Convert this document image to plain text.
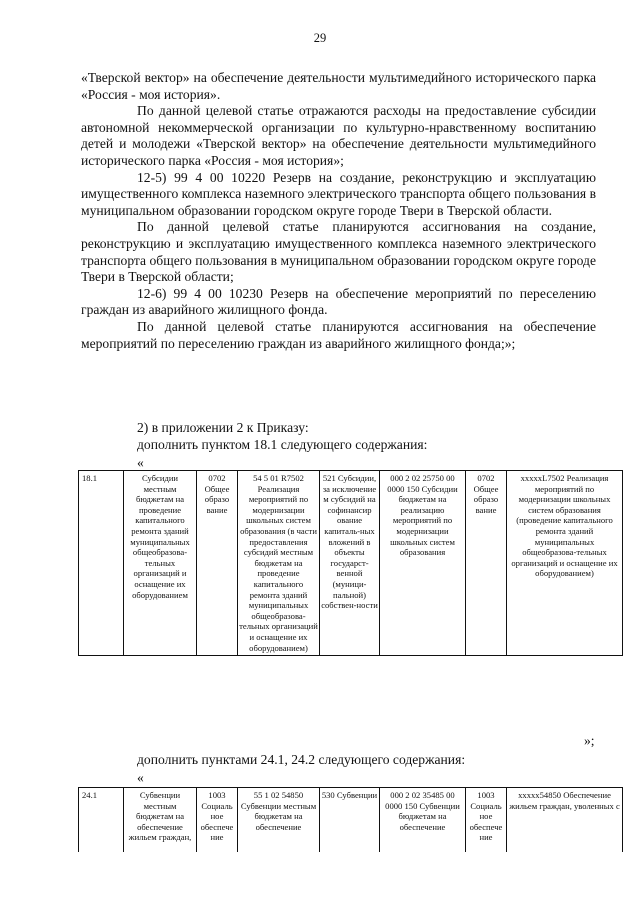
29

«Тверской вектор» на обеспечение деятельности мультимедийного исторического парка «Россия - моя история».

По данной целевой статье отражаются расходы на предоставление субсидии автономной некоммерческой организации по культурно-нравственному воспитанию детей и молодежи «Тверской вектор» на обеспечение деятельности мультимедийного исторического парка «Россия - моя история»;

12-5) 99 4 00 10220 Резерв на создание, реконструкцию и эксплуатацию имущественного комплекса наземного электрического транспорта общего пользования в муниципальном образовании городском округе городе Твери в Тверской области.

По данной целевой статье планируются ассигнования на создание, реконструкцию и эксплуатацию имущественного комплекса наземного электрического транспорта общего пользования в муниципальном образовании городском округе городе Твери в Тверской области;

12-6) 99 4 00 10230 Резерв на обеспечение мероприятий по переселению граждан из аварийного жилищного фонда.

По данной целевой статье планируются ассигнования на обеспечение мероприятий по переселению граждан из аварийного жилищного фонда;»;

2) в приложении 2 к Приказу:
дополнить пунктом 18.1 следующего содержания:
«
18.1	Субсидии местным бюджетам на проведение капитального ремонта зданий муниципальных общеобразова-тельных организаций и оснащение их оборудованием	0702 Общее образо вание	54 5 01 R7502 Реализация мероприятий по модернизации школьных систем образования (в части предоставления субсидий местным бюджетам на проведение капитального ремонта зданий муниципальных общеобразова-тельных организаций и оснащение их оборудованием)	521 Субсидии, за исключение м субсидий на софинансир ование капиталь-ных вложений в объекты государст-венной (муници-пальной) собствен-ности	000 2 02 25750 00 0000 150 Субсидии бюджетам на реализацию мероприятий по модернизации школьных систем образования	0702 Общее образо вание	xxxxxL7502 Реализация мероприятий по модернизации школьных систем образования (проведение капитального ремонта зданий муниципальных общеобразова-тельных организаций и оснащение их оборудованием)
»;
дополнить пунктами 24.1, 24.2 следующего содержания:
«
24.1	Субвенции местным бюджетам на обеспечение жильем граждан,	1003 Социаль ное обеспече ние	55 1 02 54850 Субвенции местным бюджетам на обеспечение	530 Субвенции	000 2 02 35485 00 0000 150 Субвенции бюджетам на обеспечение	1003 Социаль ное обеспече ние	xxxxx54850 Обеспечение жильем граждан, уволенных с
